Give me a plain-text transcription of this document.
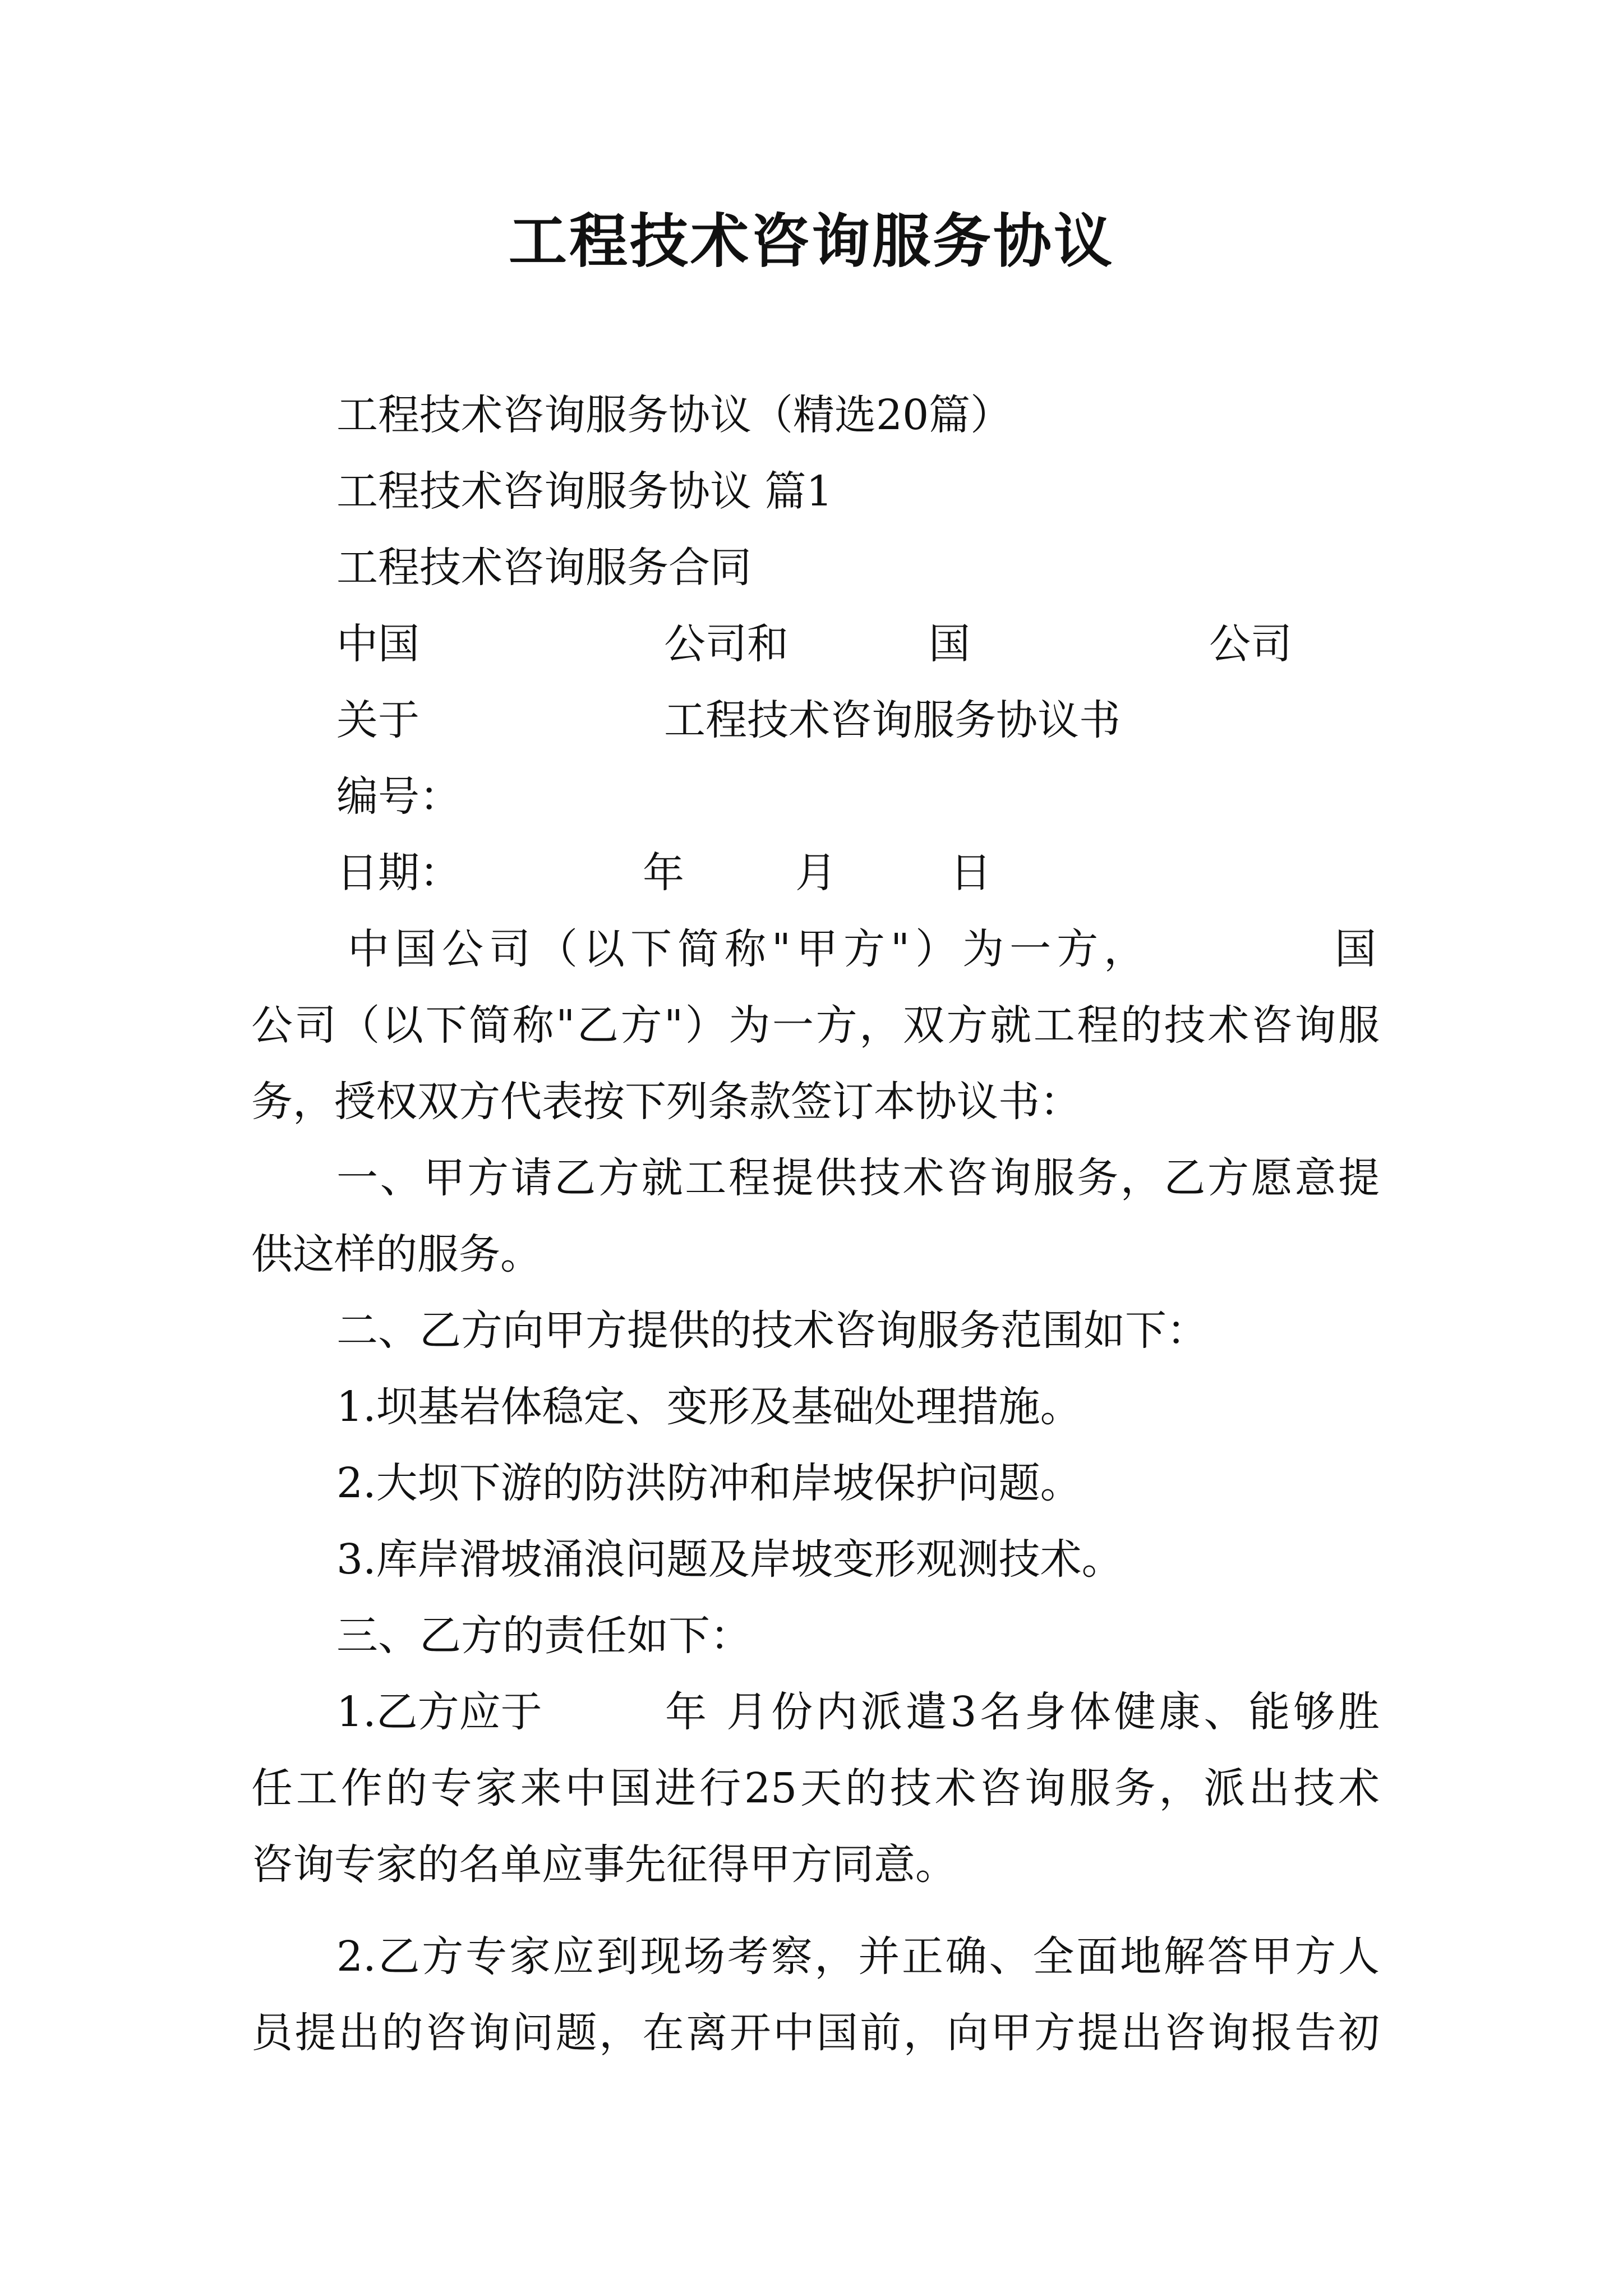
工程技术咨询服务协议
工程技术咨询服务协议（精选20篇）
工程技术咨询服务协议 篇1
工程技术咨询服务合同
中国	公司和	国	公司
关于	工程技术咨询服务协议书
编号：
日期：	年	月	日
中国公司（以下简称"甲方"）为一方，	国
公司（以下简称"乙方"）为一方，双方就工程的技术咨询服
务，授权双方代表按下列条款签订本协议书：
一、甲方请乙方就工程提供技术咨询服务，乙方愿意提
供这样的服务。
二、乙方向甲方提供的技术咨询服务范围如下：
1.坝基岩体稳定、变形及基础处理措施。
2.大坝下游的防洪防冲和岸坡保护问题。
3.库岸滑坡涌浪问题及岸坡变形观测技术。
三、乙方的责任如下：
1.乙方应于	年 月份内派遣3名身体健康、能够胜
任工作的专家来中国进行25天的技术咨询服务，派出技术
咨询专家的名单应事先征得甲方同意。
2.乙方专家应到现场考察，并正确、全面地解答甲方人
员提出的咨询问题，在离开中国前，向甲方提出咨询报告初
